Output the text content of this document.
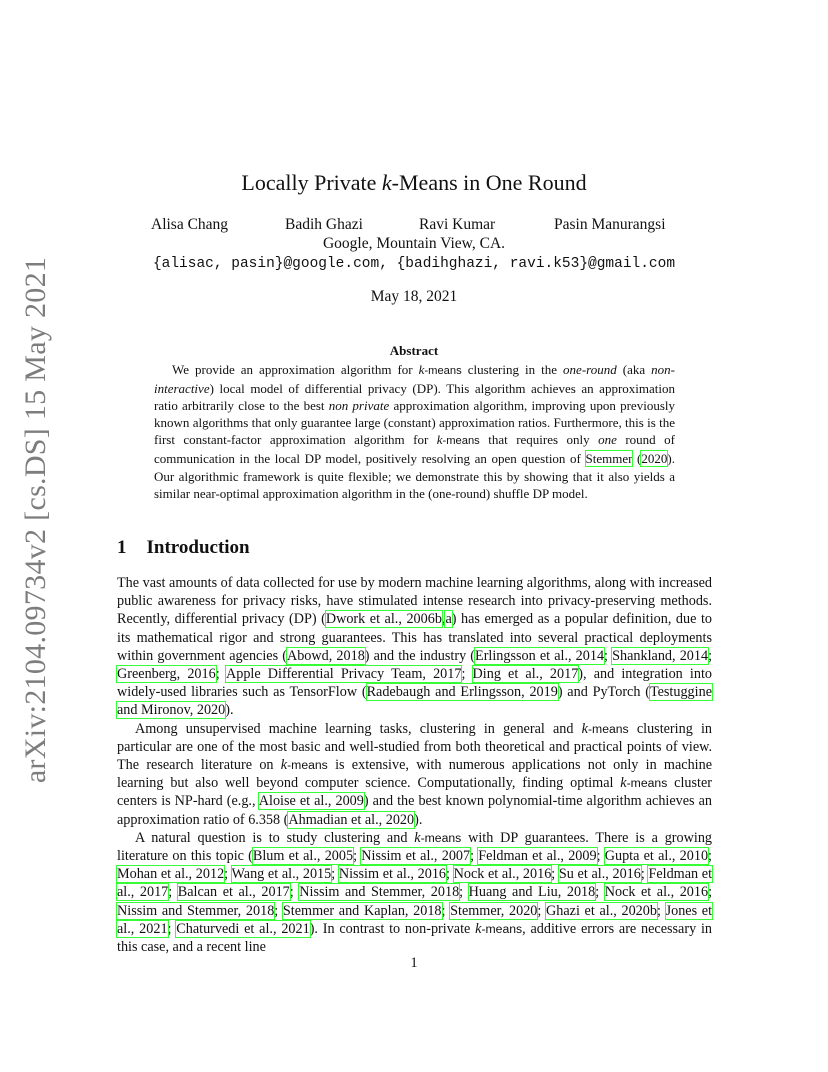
arXiv:2104.09734v2 [cs.DS] 15 May 2021
Locally Private k-Means in One Round
Alisa Chang	Badih Ghazi	Ravi Kumar	Pasin Manurangsi
Google, Mountain View, CA.
{alisac, pasin}@google.com, {badihghazi, ravi.k53}@gmail.com
May 18, 2021
Abstract

We provide an approximation algorithm for k-means clustering in the one-round (aka non-interactive) local model of differential privacy (DP). This algorithm achieves an approximation ratio arbitrarily close to the best non private approximation algorithm, improving upon previously known algorithms that only guarantee large (constant) approximation ratios. Furthermore, this is the first constant-factor approximation algorithm for k-means that requires only one round of communication in the local DP model, positively resolving an open question of Stemmer (2020). Our algorithmic framework is quite flexible; we demonstrate this by showing that it also yields a similar near-optimal approximation algorithm in the (one-round) shuffle DP model.

1 Introduction

The vast amounts of data collected for use by modern machine learning algorithms, along with increased public awareness for privacy risks, have stimulated intense research into privacy-preserving methods. Recently, differential privacy (DP) (Dwork et al., 2006b,a) has emerged as a popular definition, due to its mathematical rigor and strong guarantees. This has translated into several practical deployments within government agencies (Abowd, 2018) and the industry (Erlingsson et al., 2014; Shankland, 2014; Greenberg, 2016; Apple Differential Privacy Team, 2017; Ding et al., 2017), and integration into widely-used libraries such as TensorFlow (Radebaugh and Erlingsson, 2019) and PyTorch (Testuggine and Mironov, 2020).

Among unsupervised machine learning tasks, clustering in general and k-means clustering in particular are one of the most basic and well-studied from both theoretical and practical points of view. The research literature on k-means is extensive, with numerous applications not only in machine learning but also well beyond computer science. Computationally, finding optimal k-means cluster centers is NP-hard (e.g., Aloise et al., 2009) and the best known polynomial-time algorithm achieves an approximation ratio of 6.358 (Ahmadian et al., 2020).

A natural question is to study clustering and k-means with DP guarantees. There is a growing literature on this topic (Blum et al., 2005; Nissim et al., 2007; Feldman et al., 2009; Gupta et al., 2010; Mohan et al., 2012; Wang et al., 2015; Nissim et al., 2016; Nock et al., 2016; Su et al., 2016; Feldman et al., 2017; Balcan et al., 2017; Nissim and Stemmer, 2018; Huang and Liu, 2018; Nock et al., 2016; Nissim and Stemmer, 2018; Stemmer and Kaplan, 2018; Stemmer, 2020; Ghazi et al., 2020b; Jones et al., 2021; Chaturvedi et al., 2021). In contrast to non-private k-means, additive errors are necessary in this case, and a recent line

1
